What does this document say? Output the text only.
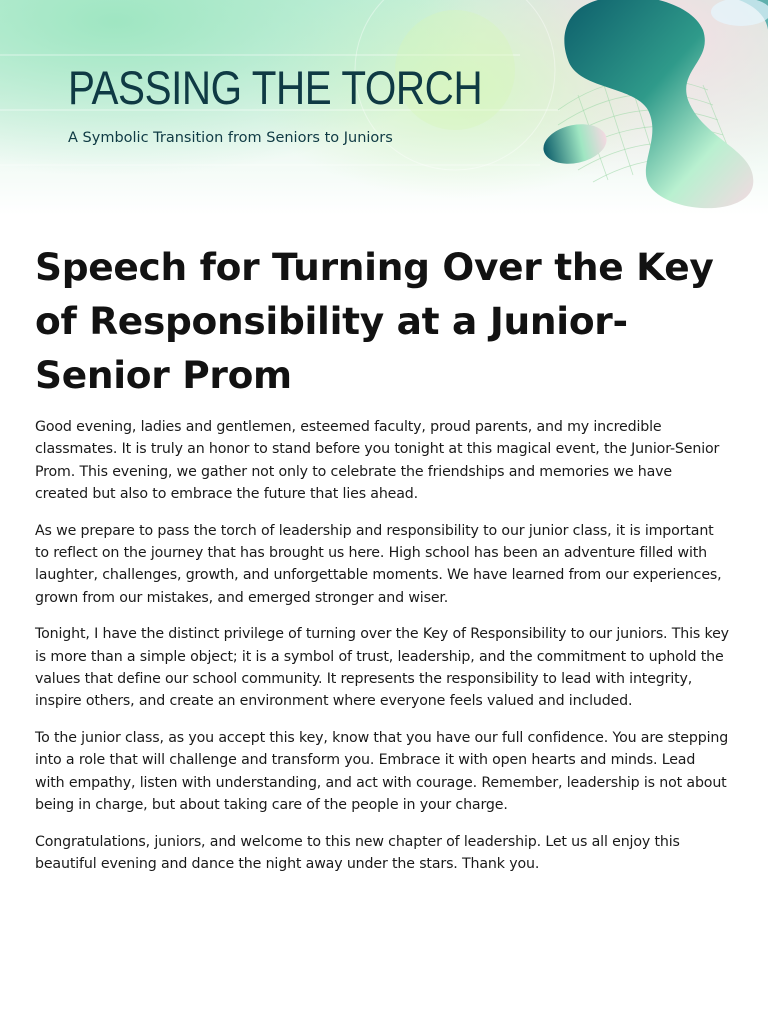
PASSING THE TORCH
A Symbolic Transition from Seniors to Juniors
Speech for Turning Over the Key of Responsibility at a Junior-Senior Prom

Good evening, ladies and gentlemen, esteemed faculty, proud parents, and my incredible classmates. It is truly an honor to stand before you tonight at this magical event, the Junior-Senior Prom. This evening, we gather not only to celebrate the friendships and memories we have created but also to embrace the future that lies ahead.

As we prepare to pass the torch of leadership and responsibility to our junior class, it is important to reflect on the journey that has brought us here. High school has been an adventure filled with laughter, challenges, growth, and unforgettable moments. We have learned from our experiences, grown from our mistakes, and emerged stronger and wiser.

Tonight, I have the distinct privilege of turning over the Key of Responsibility to our juniors. This key is more than a simple object; it is a symbol of trust, leadership, and the commitment to uphold the values that define our school community. It represents the responsibility to lead with integrity, inspire others, and create an environment where everyone feels valued and included.

To the junior class, as you accept this key, know that you have our full confidence. You are stepping into a role that will challenge and transform you. Embrace it with open hearts and minds. Lead with empathy, listen with understanding, and act with courage. Remember, leadership is not about being in charge, but about taking care of the people in your charge.

Congratulations, juniors, and welcome to this new chapter of leadership. Let us all enjoy this beautiful evening and dance the night away under the stars. Thank you.
